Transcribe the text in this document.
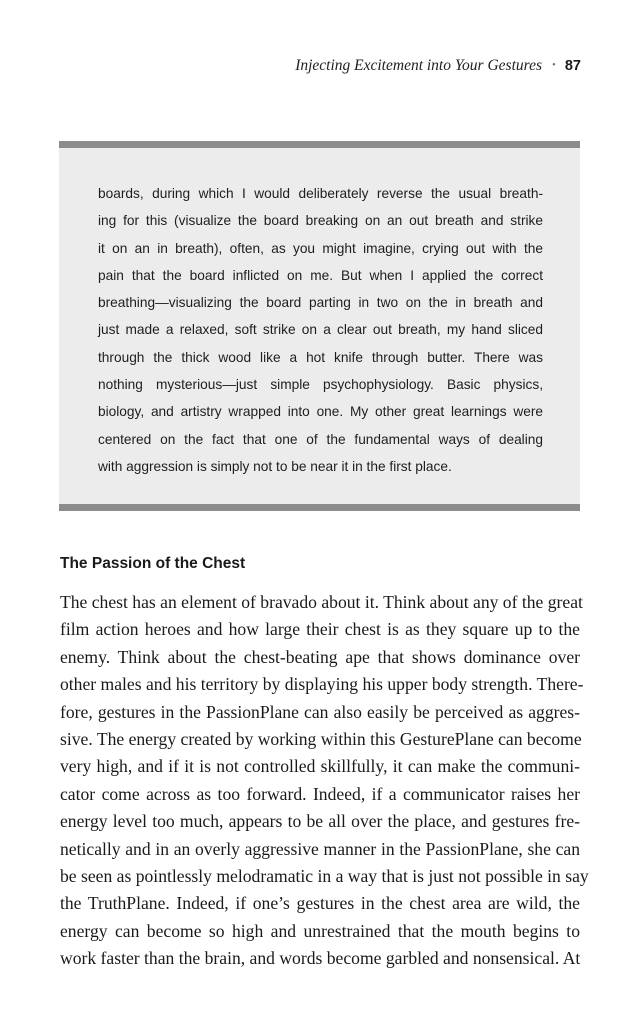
Injecting Excitement into Your Gestures • 87
boards, during which I would deliberately reverse the usual breath-
ing for this (visualize the board breaking on an out breath and strike
it on an in breath), often, as you might imagine, crying out with the
pain that the board inflicted on me. But when I applied the correct
breathing—visualizing the board parting in two on the in breath and
just made a relaxed, soft strike on a clear out breath, my hand sliced
through the thick wood like a hot knife through butter. There was
nothing mysterious—just simple psychophysiology. Basic physics,
biology, and artistry wrapped into one. My other great learnings were
centered on the fact that one of the fundamental ways of dealing
with aggression is simply not to be near it in the first place.
The Passion of the Chest
The chest has an element of bravado about it. Think about any of the great
film action heroes and how large their chest is as they square up to the
enemy. Think about the chest-beating ape that shows dominance over
other males and his territory by displaying his upper body strength. There-
fore, gestures in the PassionPlane can also easily be perceived as aggres-
sive. The energy created by working within this GesturePlane can become
very high, and if it is not controlled skillfully, it can make the communi-
cator come across as too forward. Indeed, if a communicator raises her
energy level too much, appears to be all over the place, and gestures fre-
netically and in an overly aggressive manner in the PassionPlane, she can
be seen as pointlessly melodramatic in a way that is just not possible in say
the TruthPlane. Indeed, if one’s gestures in the chest area are wild, the
energy can become so high and unrestrained that the mouth begins to
work faster than the brain, and words become garbled and nonsensical. At
